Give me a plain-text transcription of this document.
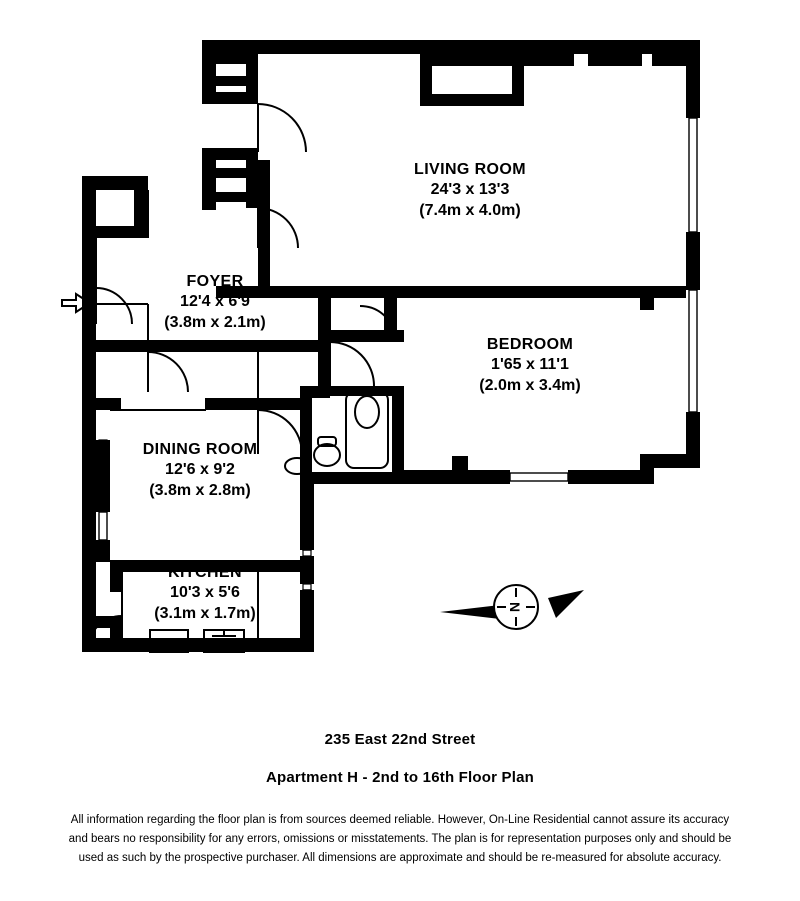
N
LIVING ROOM
24'3 x 13'3
(7.4m x 4.0m)
FOYER
12'4 x 6'9
(3.8m x 2.1m)
BEDROOM
1'65 x 11'1
(2.0m x 3.4m)
DINING ROOM
12'6 x 9'2
(3.8m x 2.8m)
KITCHEN
10'3 x 5'6
(3.1m x 1.7m)
235 East 22nd Street
Apartment H - 2nd to 16th Floor Plan
All information regarding the floor plan is from sources deemed reliable. However, On-Line Residential cannot assure its accuracy
and bears no responsibility for any errors, omissions or misstatements. The plan is for representation purposes only and should be
used as such by the prospective purchaser. All dimensions are approximate and should be re-measured for absolute accuracy.
